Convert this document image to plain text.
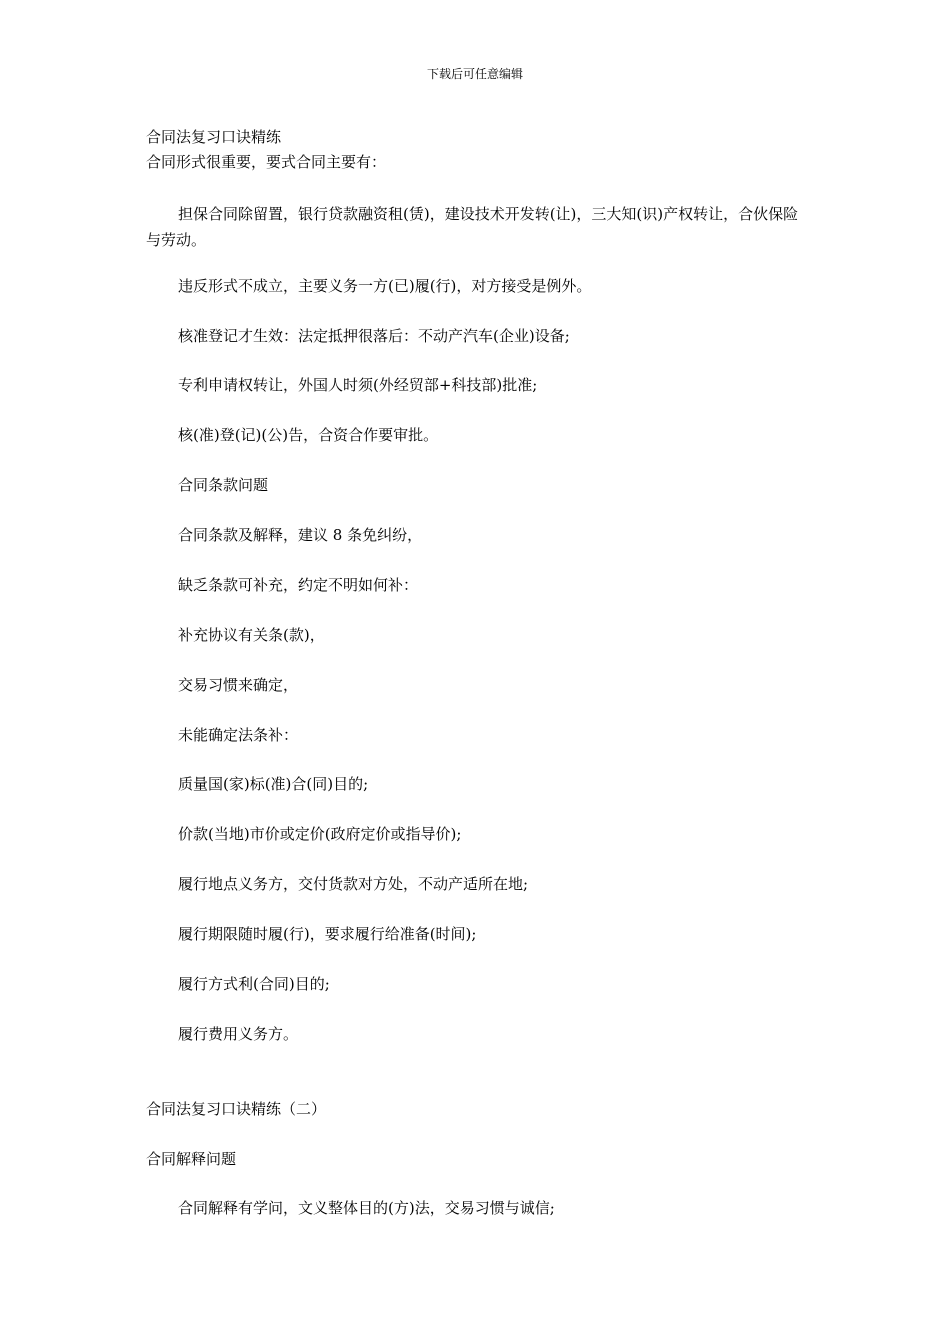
下载后可任意编辑
合同法复习口诀精练
合同形式很重要，要式合同主要有：
担保合同除留置，银行贷款融资租(赁)，建设技术开发转(让)，三大知(识)产权转让，合伙保险与劳动。
违反形式不成立，主要义务一方(已)履(行)，对方接受是例外。
核准登记才生效：法定抵押很落后：不动产汽车(企业)设备;
专利申请权转让，外国人时须(外经贸部+科技部)批准;
核(准)登(记)(公)告，合资合作要审批。
合同条款问题
合同条款及解释，建议 8 条免纠纷，
缺乏条款可补充，约定不明如何补：
补充协议有关条(款)，
交易习惯来确定，
未能确定法条补：
质量国(家)标(准)合(同)目的;
价款(当地)市价或定价(政府定价或指导价);
履行地点义务方，交付货款对方处，不动产适所在地;
履行期限随时履(行)，要求履行给准备(时间);
履行方式利(合同)目的;
履行费用义务方。
合同法复习口诀精练（二）
合同解释问题
合同解释有学问，文义整体目的(方)法，交易习惯与诚信;
